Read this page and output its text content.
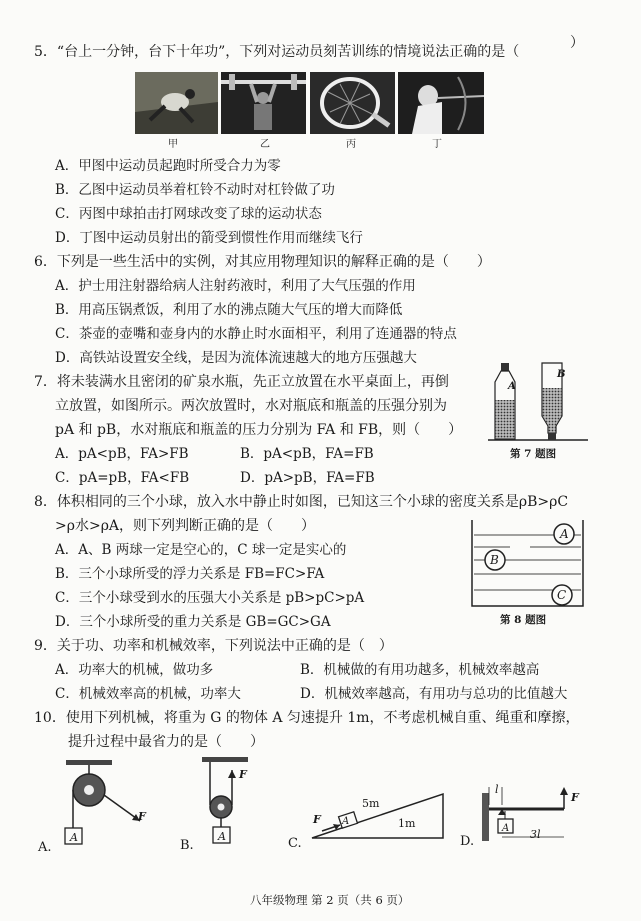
5．“台上一分钟，台下十年功”，下列对运动员刻苦训练的情境说法正确的是（
）
甲	乙	丙	丁
A．甲图中运动员起跑时所受合力为零
B．乙图中运动员举着杠铃不动时对杠铃做了功
C．丙图中球拍击打网球改变了球的运动状态
D．丁图中运动员射出的箭受到惯性作用而继续飞行
6．下列是一些生活中的实例，对其应用物理知识的解释正确的是（　　）
A．护士用注射器给病人注射药液时，利用了大气压强的作用
B．用高压锅煮饭，利用了水的沸点随大气压的增大而降低
C．茶壶的壶嘴和壶身内的水静止时水面相平，利用了连通器的特点
D．高铁站设置安全线，是因为流体流速越大的地方压强越大
7．将未装满水且密闭的矿泉水瓶，先正立放置在水平桌面上，再倒
立放置，如图所示。两次放置时，水对瓶底和瓶盖的压强分别为
pA 和 pB，水对瓶底和瓶盖的压力分别为 FA 和 FB，则（　　）
A．pA<pB，FA>FB	B．pA<pB，FA=FB
C．pA=pB，FA<FB	D．pA>pB，FA=FB
A
B
第 7 题图
8．体积相同的三个小球，放入水中静止时如图，已知这三个小球的密度关系是ρB>ρC
>ρ水>ρA，则下列判断正确的是（　　）
A．A、B 两球一定是空心的，C 球一定是实心的
B．三个小球所受的浮力关系是 FB=FC>FA
C．三个小球受到水的压强大小关系是 pB>pC>pA
D．三个小球所受的重力关系是 GB=GC>GA
A
B
C
第 8 题图
9．关于功、功率和机械效率，下列说法中正确的是（　）
A．功率大的机械，做功多	B．机械做的有用功越多，机械效率越高
C．机械效率高的机械，功率大	D．机械效率越高，有用功与总功的比值越大
10．使用下列机械，将重为 G 的物体 A 匀速提升 1m，不考虑机械自重、绳重和摩擦，
提升过程中最省力的是（　　）
A
F
A.
F
A
B.
F A
5m
1m
C.
l
F
A 3l
D.
八年级物理 第 2 页（共 6 页）
